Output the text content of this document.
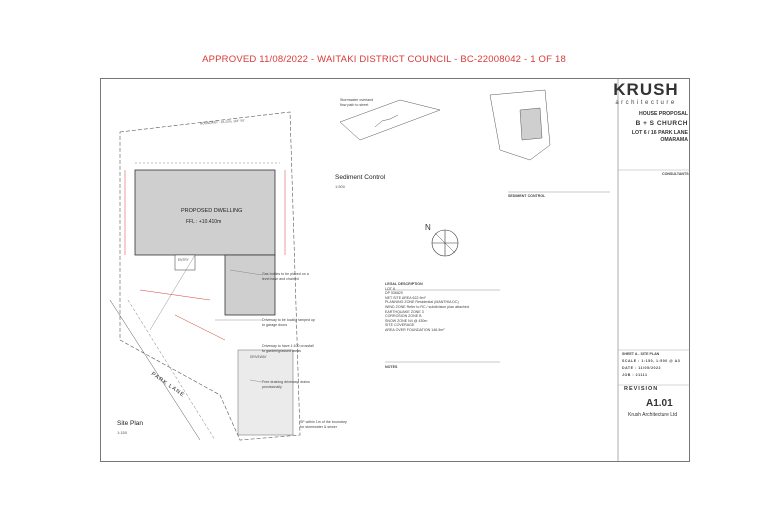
APPROVED 11/08/2022 - WAITAKI DISTRICT COUNCIL - BC-22008042 - 1 OF 18
N
PROPOSED DWELLING
FFL : +10.410m
ENTRY
DRIVEWAY
PARK LANE
BOUNDARY - 18.33m, 118° 59'
Site Plan
1:150
Sediment Control
1:500
Gas bottles to be placed on a level base and chained
Driveway to be locally ramped up to garage doors
Driveway to have 1:100 crossfall to garden/grassed areas
Free draining driveway, drains provisionally
SF within 1m of the boundary for stormwater & sewer
Stormwater overland flow path to street
LEGAL DESCRIPTION
LOT 6
DP 536820
NET SITE AREA 622.9m²
PLANNING ZONE Residential (MANTHIA DC)
WIND ZONE Refer to RC / subdivision plan attached
EARTHQUAKE ZONE 3
CORROSION ZONE B
SNOW ZONE N4 @ 430m
SITE COVERAGE
AREA OVER FOUNDATION 146.9m²
NOTES
SEDIMENT CONTROL
KRUSH
architecture
HOUSE PROPOSAL
B + S CHURCH
LOT 6 / 16 PARK LANE
OMARAMA
CONSULTANTS
SHEET A - SITE PLAN
SCALE : 1:150, 1:500 @ A3
DATE : 11/05/2022
JOB : 21111
REVISION
A1.01
Krush Architecture Ltd
